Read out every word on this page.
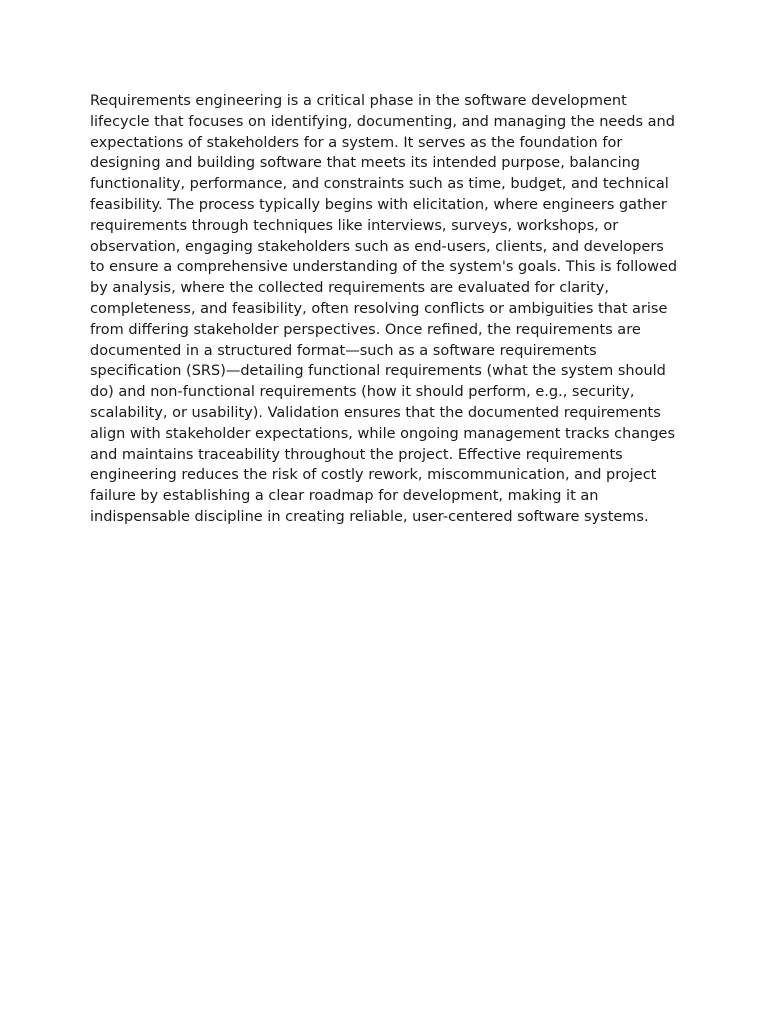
Requirements engineering is a critical phase in the software development lifecycle that focuses on identifying, documenting, and managing the needs and expectations of stakeholders for a system. It serves as the foundation for designing and building software that meets its intended purpose, balancing functionality, performance, and constraints such as time, budget, and technical feasibility. The process typically begins with elicitation, where engineers gather requirements through techniques like interviews, surveys, workshops, or observation, engaging stakeholders such as end-users, clients, and developers to ensure a comprehensive understanding of the system's goals. This is followed by analysis, where the collected requirements are evaluated for clarity, completeness, and feasibility, often resolving conflicts or ambiguities that arise from differing stakeholder perspectives. Once refined, the requirements are documented in a structured format—such as a software requirements specification (SRS)—detailing functional requirements (what the system should do) and non-functional requirements (how it should perform, e.g., security, scalability, or usability). Validation ensures that the documented requirements align with stakeholder expectations, while ongoing management tracks changes and maintains traceability throughout the project. Effective requirements engineering reduces the risk of costly rework, miscommunication, and project failure by establishing a clear roadmap for development, making it an indispensable discipline in creating reliable, user-centered software systems.
